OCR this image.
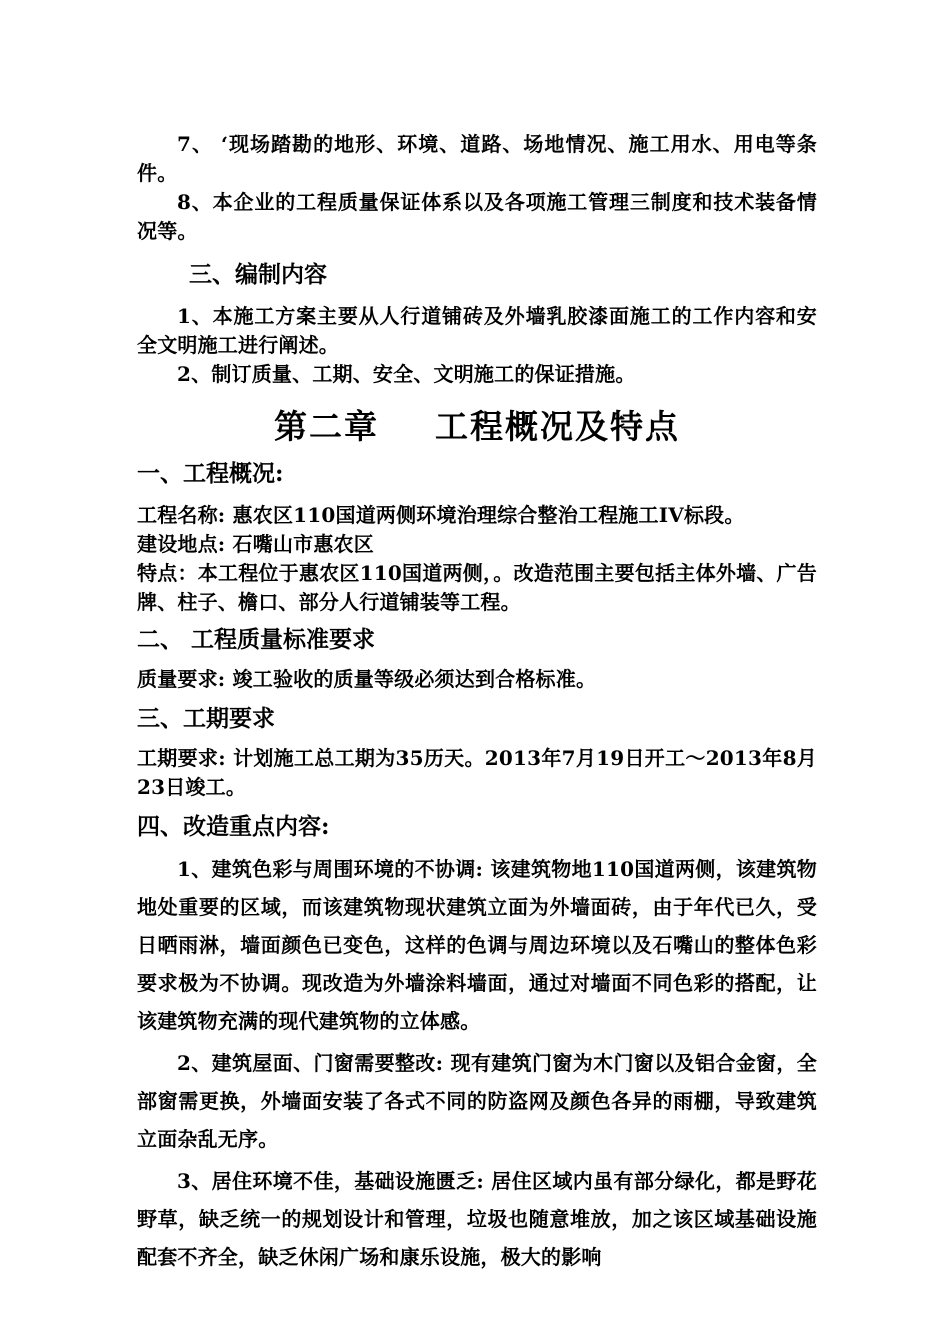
7、 ‘现场踏勘的地形、环境、道路、场地情况、施工用水、用电等条件。

8、本企业的工程质量保证体系以及各项施工管理三制度和技术装备情况等。

三、编制内容

1、本施工方案主要从人行道铺砖及外墙乳胶漆面施工的工作内容和安全文明施工进行阐述。

2、制订质量、工期、安全、文明施工的保证措施。

第二章 工程概况及特点

一、工程概况:

工程名称: 惠农区110国道两侧环境治理综合整治工程施工IV标段。

建设地点: 石嘴山市惠农区

特点：本工程位于惠农区110国道两侧，。改造范围主要包括主体外墙、广告牌、柱子、檐口、部分人行道铺装等工程。

二、 工程质量标准要求

质量要求: 竣工验收的质量等级必须达到合格标准。

三、工期要求

工期要求: 计划施工总工期为35历天。2013年7月19日开工～2013年8月23日竣工。

四、改造重点内容:

1、建筑色彩与周围环境的不协调: 该建筑物地110国道两侧，该建筑物地处重要的区域，而该建筑物现状建筑立面为外墙面砖，由于年代已久，受日晒雨淋，墙面颜色已变色，这样的色调与周边环境以及石嘴山的整体色彩要求极为不协调。现改造为外墙涂料墙面，通过对墙面不同色彩的搭配，让该建筑物充满的现代建筑物的立体感。

2、建筑屋面、门窗需要整改: 现有建筑门窗为木门窗以及铝合金窗，全部窗需更换，外墙面安装了各式不同的防盗网及颜色各异的雨棚，导致建筑立面杂乱无序。

3、居住环境不佳，基础设施匮乏: 居住区域内虽有部分绿化，都是野花野草，缺乏统一的规划设计和管理，垃圾也随意堆放，加之该区域基础设施配套不齐全，缺乏休闲广场和康乐设施，极大的影响
